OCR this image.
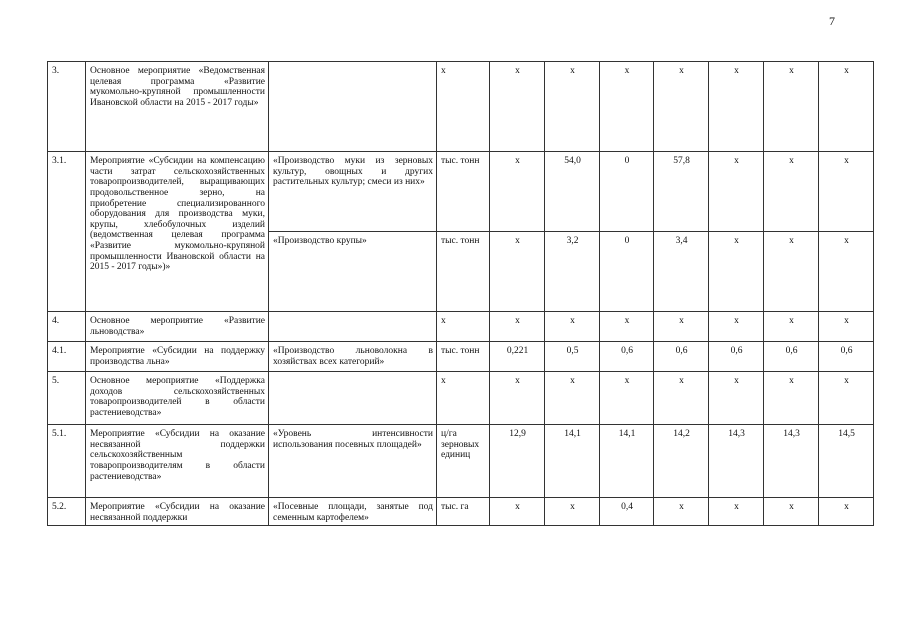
7
3.	Основное мероприятие «Ведомственная целевая программа «Развитие мукомольно-крупяной промышленности Ивановской области на 2015 - 2017 годы»		x	x	x	x	x	x	x	x
3.1.	Мероприятие «Субсидии на компенсацию части затрат сельскохозяйственных товаропроизводителей, выращивающих продовольственное зерно, на приобретение специализированного оборудования для производства муки, крупы, хлебобулочных изделий (ведомственная целевая программа «Развитие мукомольно-крупяной промышленности Ивановской области на 2015 - 2017 годы»)»	«Производство муки из зерновых культур, овощных и других растительных культур; смеси из них»	тыс. тонн	x	54,0	0	57,8	x	x	x
		«Производство крупы»	тыс. тонн	x	3,2	0	3,4	x	x	x
4.	Основное мероприятие «Развитие льноводства»		x	x	x	x	x	x	x	x
4.1.	Мероприятие «Субсидии на поддержку производства льна»	«Производство льноволокна в хозяйствах всех категорий»	тыс. тонн	0,221	0,5	0,6	0,6	0,6	0,6	0,6
5.	Основное мероприятие «Поддержка доходов сельскохозяйственных товаропроизводителей в области растениеводства»		x	x	x	x	x	x	x	x
5.1.	Мероприятие «Субсидии на оказание несвязанной поддержки сельскохозяйственным товаропроизводителям в области растениеводства»	«Уровень интенсивности использования посевных площадей»	ц/га зерновых единиц	12,9	14,1	14,1	14,2	14,3	14,3	14,5
5.2.	Мероприятие «Субсидии на оказание несвязанной поддержки	«Посевные площади, занятые под семенным картофелем»	тыс. га	x	x	0,4	x	x	x	x
